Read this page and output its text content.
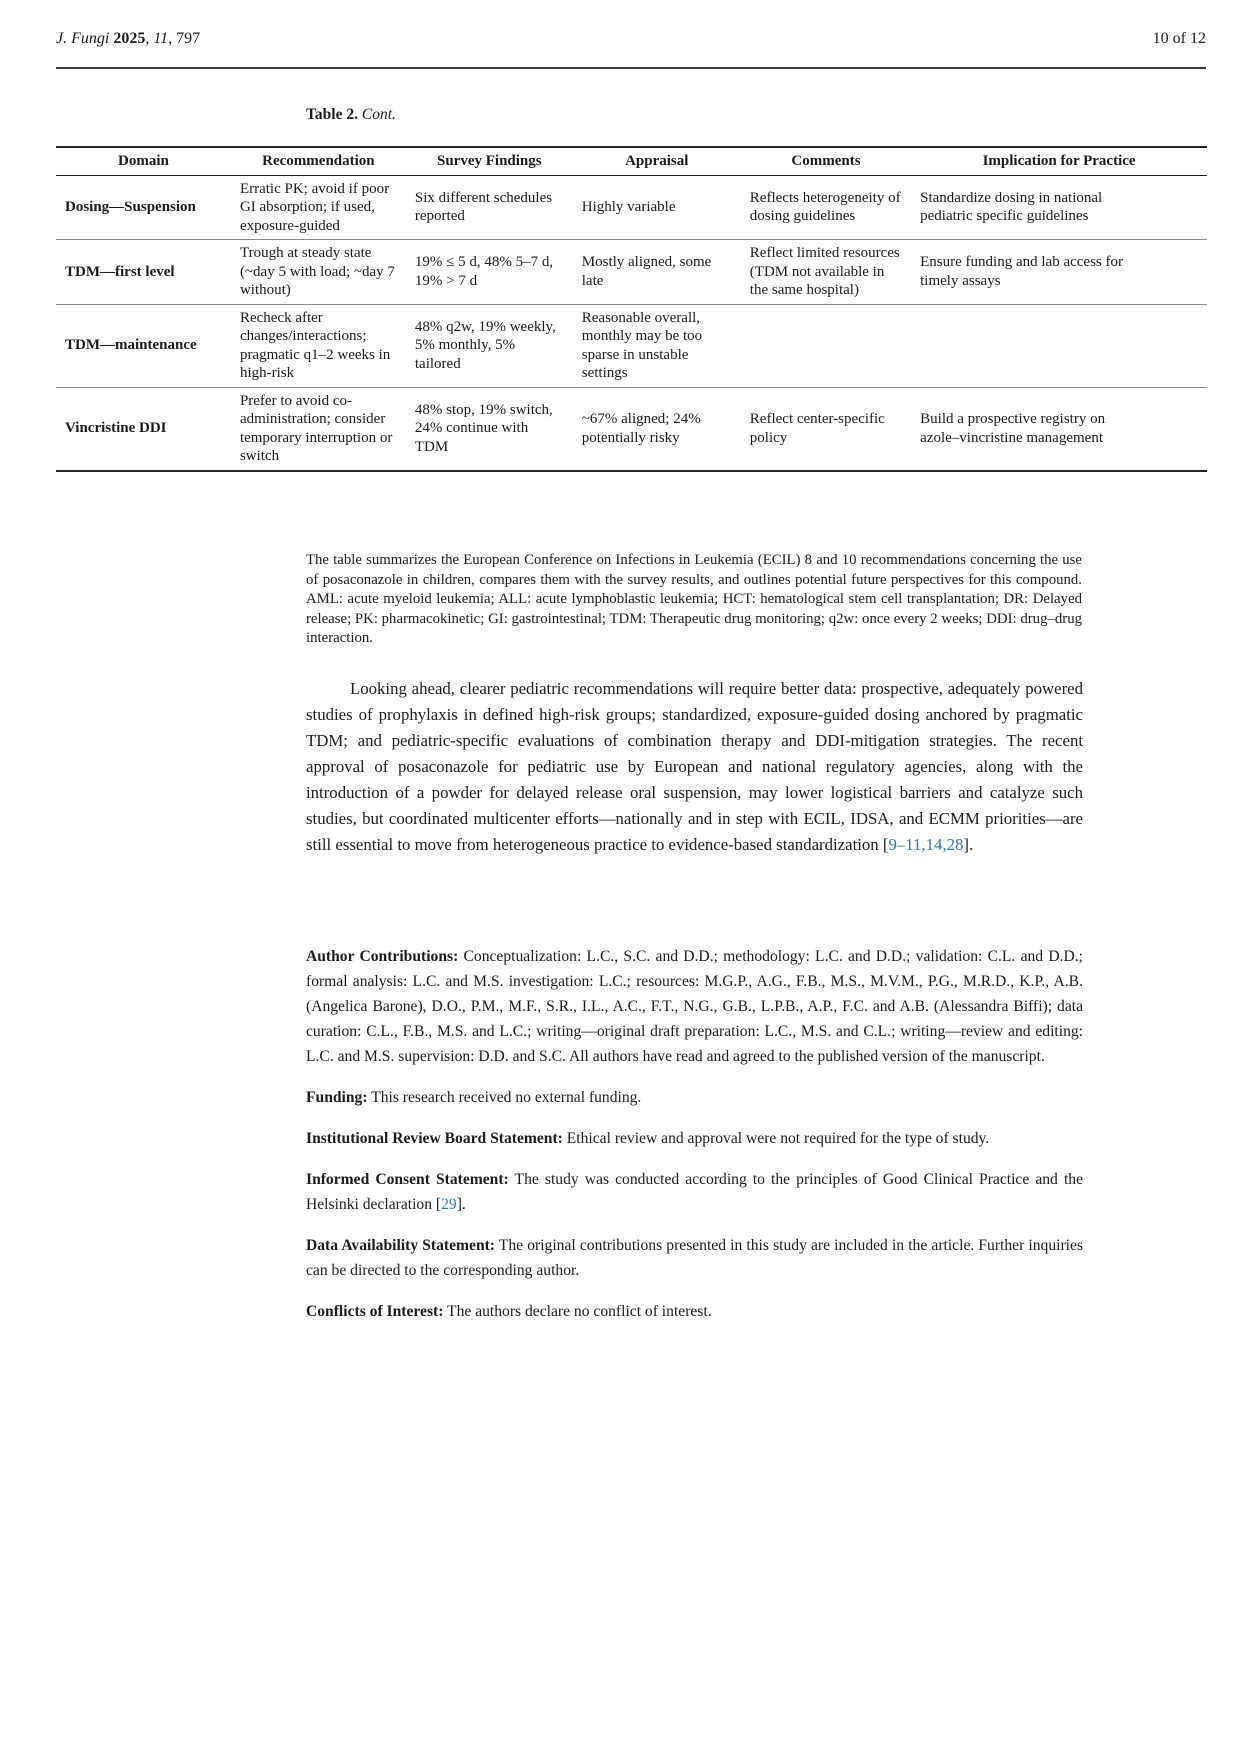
J. Fungi 2025, 11, 797	10 of 12
Table 2. Cont.
Domain	Recommendation	Survey Findings	Appraisal	Comments	Implication for Practice
Dosing—Suspension	Erratic PK; avoid if poor GI absorption; if used, exposure-guided	Six different schedules reported	Highly variable	Reflects heterogeneity of dosing guidelines	Standardize dosing in national pediatric specific guidelines
TDM—first level	Trough at steady state (~day 5 with load; ~day 7 without)	19% ≤ 5 d, 48% 5–7 d, 19% > 7 d	Mostly aligned, some late	Reflect limited resources (TDM not available in the same hospital)	Ensure funding and lab access for timely assays
TDM—maintenance	Recheck after changes/interactions; pragmatic q1–2 weeks in high-risk	48% q2w, 19% weekly, 5% monthly, 5% tailored	Reasonable overall, monthly may be too sparse in unstable settings		
Vincristine DDI	Prefer to avoid co-administration; consider temporary interruption or switch	48% stop, 19% switch, 24% continue with TDM	~67% aligned; 24% potentially risky	Reflect center-specific policy	Build a prospective registry on azole–vincristine management
The table summarizes the European Conference on Infections in Leukemia (ECIL) 8 and 10 recommendations concerning the use of posaconazole in children, compares them with the survey results, and outlines potential future perspectives for this compound. AML: acute myeloid leukemia; ALL: acute lymphoblastic leukemia; HCT: hematological stem cell transplantation; DR: Delayed release; PK: pharmacokinetic; GI: gastrointestinal; TDM: Therapeutic drug monitoring; q2w: once every 2 weeks; DDI: drug–drug interaction.

Looking ahead, clearer pediatric recommendations will require better data: prospective, adequately powered studies of prophylaxis in defined high-risk groups; standardized, exposure-guided dosing anchored by pragmatic TDM; and pediatric-specific evaluations of combination therapy and DDI-mitigation strategies. The recent approval of posaconazole for pediatric use by European and national regulatory agencies, along with the introduction of a powder for delayed release oral suspension, may lower logistical barriers and catalyze such studies, but coordinated multicenter efforts—nationally and in step with ECIL, IDSA, and ECMM priorities—are still essential to move from heterogeneous practice to evidence-based standardization [9–11,14,28].

Author Contributions: Conceptualization: L.C., S.C. and D.D.; methodology: L.C. and D.D.; validation: C.L. and D.D.; formal analysis: L.C. and M.S. investigation: L.C.; resources: M.G.P., A.G., F.B., M.S., M.V.M., P.G., M.R.D., K.P., A.B. (Angelica Barone), D.O., P.M., M.F., S.R., I.L., A.C., F.T., N.G., G.B., L.P.B., A.P., F.C. and A.B. (Alessandra Biffi); data curation: C.L., F.B., M.S. and L.C.; writing—original draft preparation: L.C., M.S. and C.L.; writing—review and editing: L.C. and M.S. supervision: D.D. and S.C. All authors have read and agreed to the published version of the manuscript.

Funding: This research received no external funding.

Institutional Review Board Statement: Ethical review and approval were not required for the type of study.

Informed Consent Statement: The study was conducted according to the principles of Good Clinical Practice and the Helsinki declaration [29].

Data Availability Statement: The original contributions presented in this study are included in the article. Further inquiries can be directed to the corresponding author.

Conflicts of Interest: The authors declare no conflict of interest.
